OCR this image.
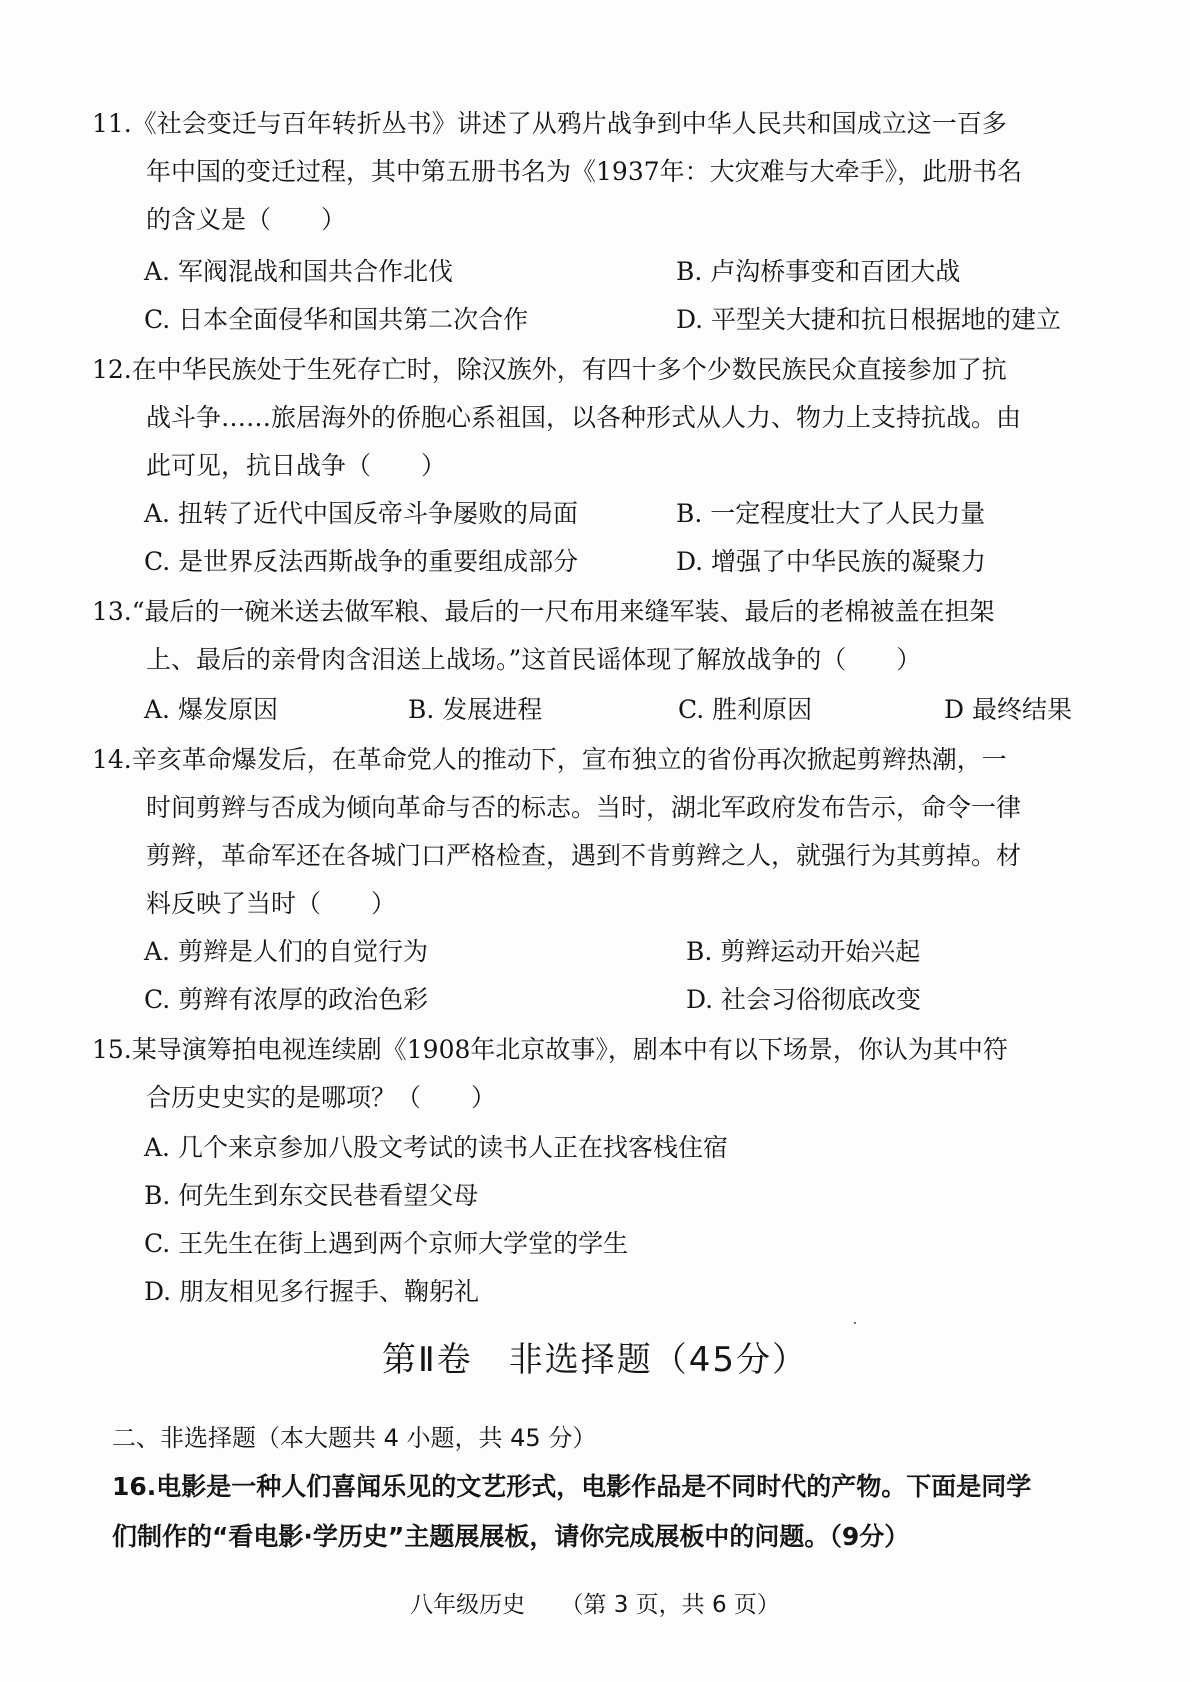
11.《社会变迁与百年转折丛书》讲述了从鸦片战争到中华人民共和国成立这一百多
年中国的变迁过程，其中第五册书名为《1937年：大灾难与大牵手》，此册书名
的含义是（　　）
A. 军阀混战和国共合作北伐	B. 卢沟桥事变和百团大战
C. 日本全面侵华和国共第二次合作	D. 平型关大捷和抗日根据地的建立
12.在中华民族处于生死存亡时，除汉族外，有四十多个少数民族民众直接参加了抗
战斗争……旅居海外的侨胞心系祖国，以各种形式从人力、物力上支持抗战。由
此可见，抗日战争（　　）
A. 扭转了近代中国反帝斗争屡败的局面	B. 一定程度壮大了人民力量
C. 是世界反法西斯战争的重要组成部分	D. 增强了中华民族的凝聚力
13.“最后的一碗米送去做军粮、最后的一尺布用来缝军装、最后的老棉被盖在担架
上、最后的亲骨肉含泪送上战场。”这首民谣体现了解放战争的（　　）
A. 爆发原因	B. 发展进程	C. 胜利原因	D 最终结果
14.辛亥革命爆发后，在革命党人的推动下，宣布独立的省份再次掀起剪辫热潮，一
时间剪辫与否成为倾向革命与否的标志。当时，湖北军政府发布告示，命令一律
剪辫，革命军还在各城门口严格检查，遇到不肯剪辫之人，就强行为其剪掉。材
料反映了当时（　　）
A. 剪辫是人们的自觉行为	B. 剪辫运动开始兴起
C. 剪辫有浓厚的政治色彩	D. 社会习俗彻底改变
15.某导演筹拍电视连续剧《1908年北京故事》，剧本中有以下场景，你认为其中符
合历史史实的是哪项？（　　）
A. 几个来京参加八股文考试的读书人正在找客栈住宿
B. 何先生到东交民巷看望父母
C. 王先生在街上遇到两个京师大学堂的学生
D. 朋友相见多行握手、鞠躬礼
第Ⅱ卷　非选择题（45分）
二、非选择题（本大题共 4 小题，共 45 分）
16.电影是一种人们喜闻乐见的文艺形式，电影作品是不同时代的产物。下面是同学
们制作的“看电影·学历史”主题展展板，请你完成展板中的问题。（9分）
八年级历史 （第 3 页，共 6 页）
